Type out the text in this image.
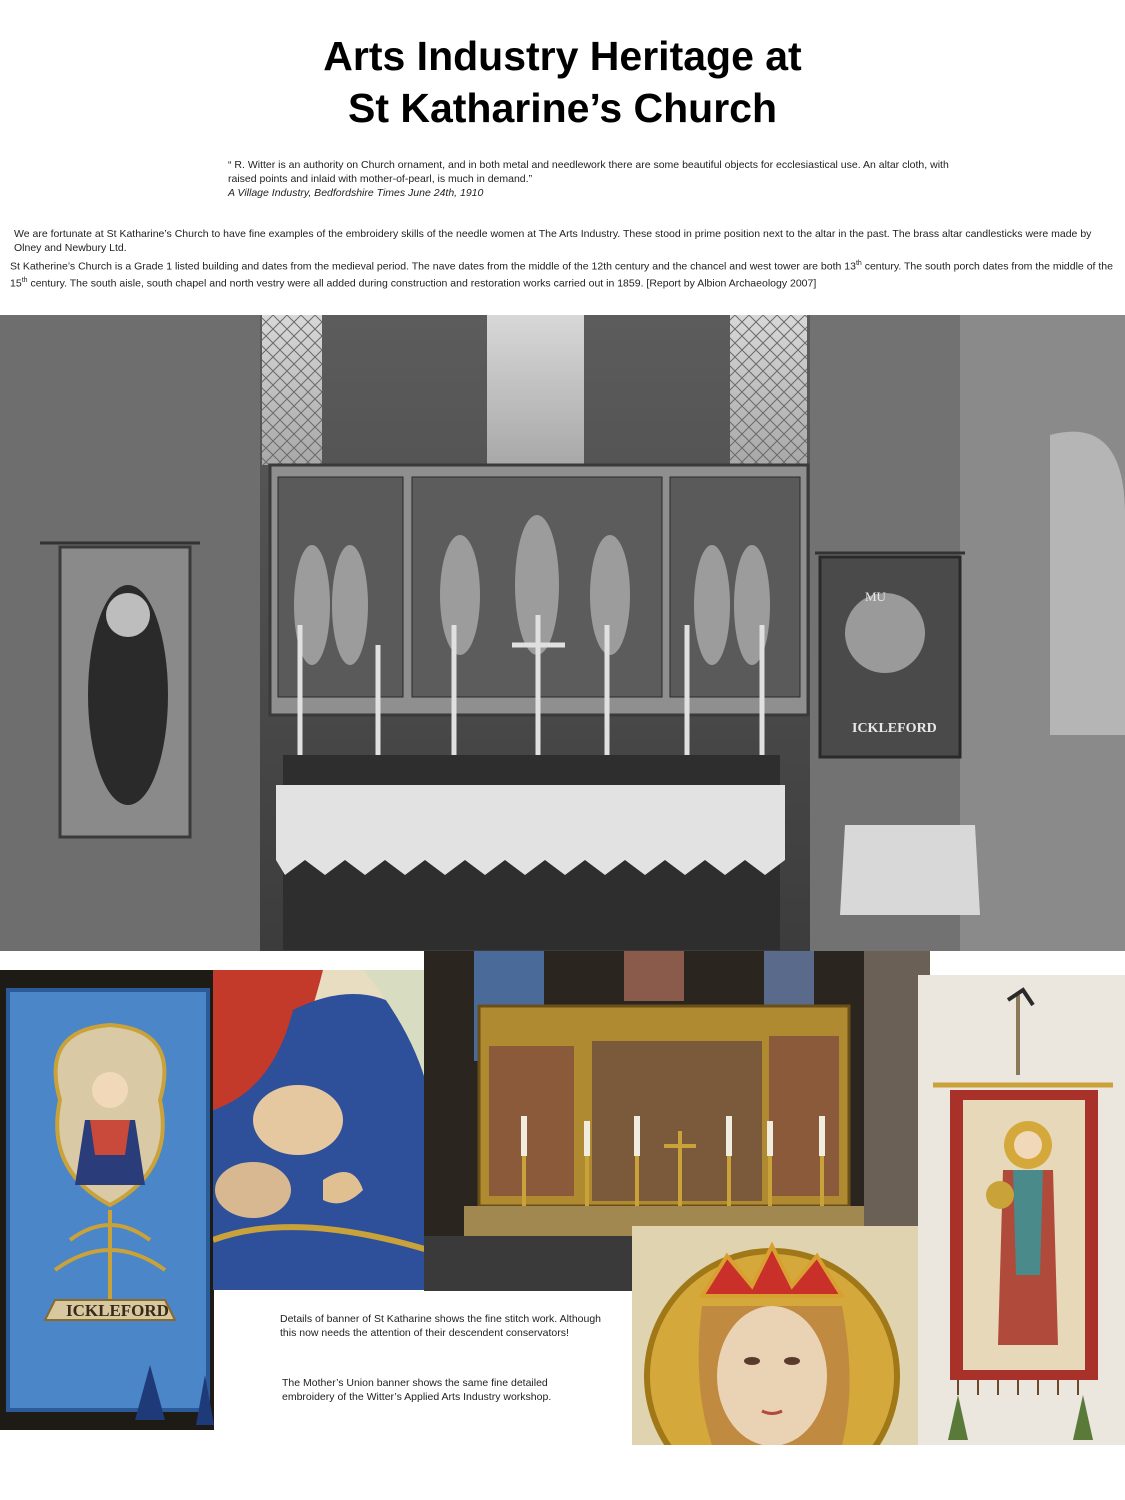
Arts Industry Heritage at
St Katharine’s Church
“ R. Witter is an authority on Church ornament, and in both metal and needlework there are some beautiful objects for ecclesiastical use. An altar cloth, with raised points and inlaid with mother-of-pearl, is much in demand.”
A Village Industry, Bedfordshire Times June 24th, 1910
We are fortunate at St Katharine’s Church to have fine examples of the embroidery skills of the needle women at The Arts Industry. These stood in prime position next to the altar in the past. The brass altar candlesticks were made by Olney and Newbury Ltd.
St Katherine’s Church is a Grade 1 listed building and dates from the medieval period. The nave dates from the middle of the 12th century and the chancel and west tower are both 13th century. The south porch dates from the middle of the 15th century. The south aisle, south chapel and north vestry were all added during construction and restoration works carried out in 1859. [Report by Albion Archaeology 2007]
MU
ICKLEFORD
ICKLEFORD	Details of banner of St Katharine shows the fine stitch work. Although this now needs the attention of their descendent conservators!
The Mother’s Union banner shows the same fine detailed embroidery of the Witter’s Applied Arts Industry workshop.
